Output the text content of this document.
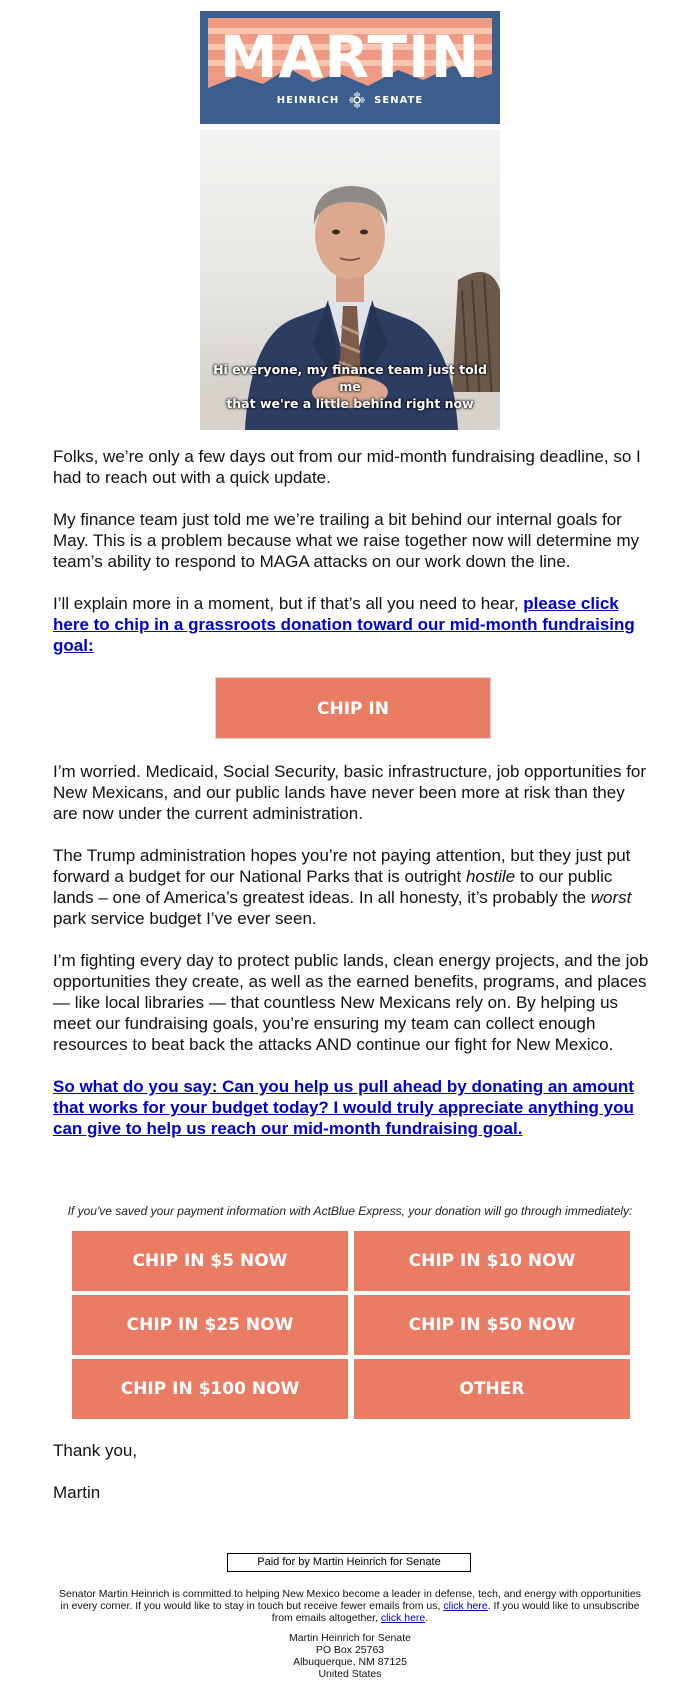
MARTIN
HEINRICH	SENATE
Hi everyone, my finance team just told me
that we're a little behind right now

Folks, we’re only a few days out from our mid-month fundraising deadline, so I had to reach out with a quick update.

My finance team just told me we’re trailing a bit behind our internal goals for May. This is a problem because what we raise together now will determine my team’s ability to respond to MAGA attacks on our work down the line.

I’ll explain more in a moment, but if that’s all you need to hear, please click here to chip in a grassroots donation toward our mid-month fundraising goal:

CHIP IN

I’m worried. Medicaid, Social Security, basic infrastructure, job opportunities for New Mexicans, and our public lands have never been more at risk than they are now under the current administration.

The Trump administration hopes you’re not paying attention, but they just put forward a budget for our National Parks that is outright hostile to our public lands – one of America’s greatest ideas. In all honesty, it’s probably the worst park service budget I’ve ever seen.

I’m fighting every day to protect public lands, clean energy projects, and the job opportunities they create, as well as the earned benefits, programs, and places — like local libraries — that countless New Mexicans rely on. By helping us meet our fundraising goals, you’re ensuring my team can collect enough resources to beat back the attacks AND continue our fight for New Mexico.

So what do you say: Can you help us pull ahead by donating an amount that works for your budget today? I would truly appreciate anything you can give to help us reach our mid-month fundraising goal.
If you've saved your payment information with ActBlue Express, your donation will go through immediately:
CHIP IN $5 NOW	CHIP IN $10 NOW
CHIP IN $25 NOW	CHIP IN $50 NOW
CHIP IN $100 NOW	OTHER
Thank you,
Martin
Paid for by Martin Heinrich for Senate
Senator Martin Heinrich is committed to helping New Mexico become a leader in defense, tech, and energy with opportunities in every corner. If you would like to stay in touch but receive fewer emails from us, click here. If you would like to unsubscribe from emails altogether, click here.
Martin Heinrich for Senate
PO Box 25763
Albuquerque, NM 87125
United States
